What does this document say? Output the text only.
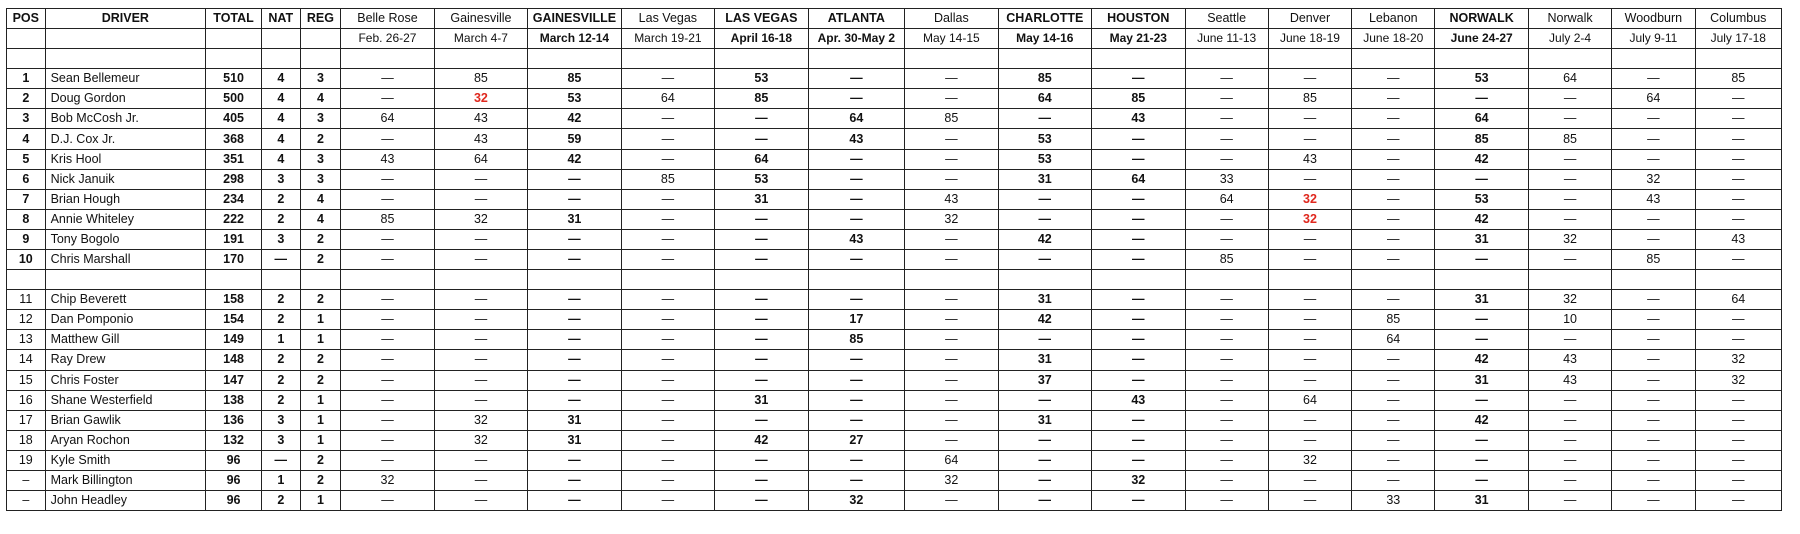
POS	DRIVER	TOTAL	NAT	REG	Belle Rose	Gainesville	GAINESVILLE	Las Vegas	LAS VEGAS	ATLANTA	Dallas	CHARLOTTE	HOUSTON	Seattle	Denver	Lebanon	NORWALK	Norwalk	Woodburn	Columbus
					Feb. 26-27	March 4-7	March 12-14	March 19-21	April 16-18	Apr. 30-May 2	May 14-15	May 14-16	May 21-23	June 11-13	June 18-19	June 18-20	June 24-27	July 2-4	July 9-11	July 17-18

1	Sean Bellemeur	510	4	3	—	85	85	—	53	—	—	85	—	—	—	—	53	64	—	85
2	Doug Gordon	500	4	4	—	32	53	64	85	—	—	64	85	—	85	—	—	—	64	—
3	Bob McCosh Jr.	405	4	3	64	43	42	—	—	64	85	—	43	—	—	—	64	—	—	—
4	D.J. Cox Jr.	368	4	2	—	43	59	—	—	43	—	53	—	—	—	—	85	85	—	—
5	Kris Hool	351	4	3	43	64	42	—	64	—	—	53	—	—	43	—	42	—	—	—
6	Nick Januik	298	3	3	—	—	—	85	53	—	—	31	64	33	—	—	—	—	32	—
7	Brian Hough	234	2	4	—	—	—	—	31	—	43	—	—	64	32	—	53	—	43	—
8	Annie Whiteley	222	2	4	85	32	31	—	—	—	32	—	—	—	32	—	42	—	—	—
9	Tony Bogolo	191	3	2	—	—	—	—	—	43	—	42	—	—	—	—	31	32	—	43
10	Chris Marshall	170	—	2	—	—	—	—	—	—	—	—	—	85	—	—	—	—	85	—

11	Chip Beverett	158	2	2	—	—	—	—	—	—	—	31	—	—	—	—	31	32	—	64
12	Dan Pomponio	154	2	1	—	—	—	—	—	17	—	42	—	—	—	85	—	10	—	—
13	Matthew Gill	149	1	1	—	—	—	—	—	85	—	—	—	—	—	64	—	—	—	—
14	Ray Drew	148	2	2	—	—	—	—	—	—	—	31	—	—	—	—	42	43	—	32
15	Chris Foster	147	2	2	—	—	—	—	—	—	—	37	—	—	—	—	31	43	—	32
16	Shane Westerfield	138	2	1	—	—	—	—	31	—	—	—	43	—	64	—	—	—	—	—
17	Brian Gawlik	136	3	1	—	32	31	—	—	—	—	31	—	—	—	—	42	—	—	—
18	Aryan Rochon	132	3	1	—	32	31	—	42	27	—	—	—	—	—	—	—	—	—	—
19	Kyle Smith	96	—	2	—	—	—	—	—	—	64	—	—	—	32	—	—	—	—	—
–	Mark Billington	96	1	2	32	—	—	—	—	—	32	—	32	—	—	—	—	—	—	—
–	John Headley	96	2	1	—	—	—	—	—	32	—	—	—	—	—	33	31	—	—	—
